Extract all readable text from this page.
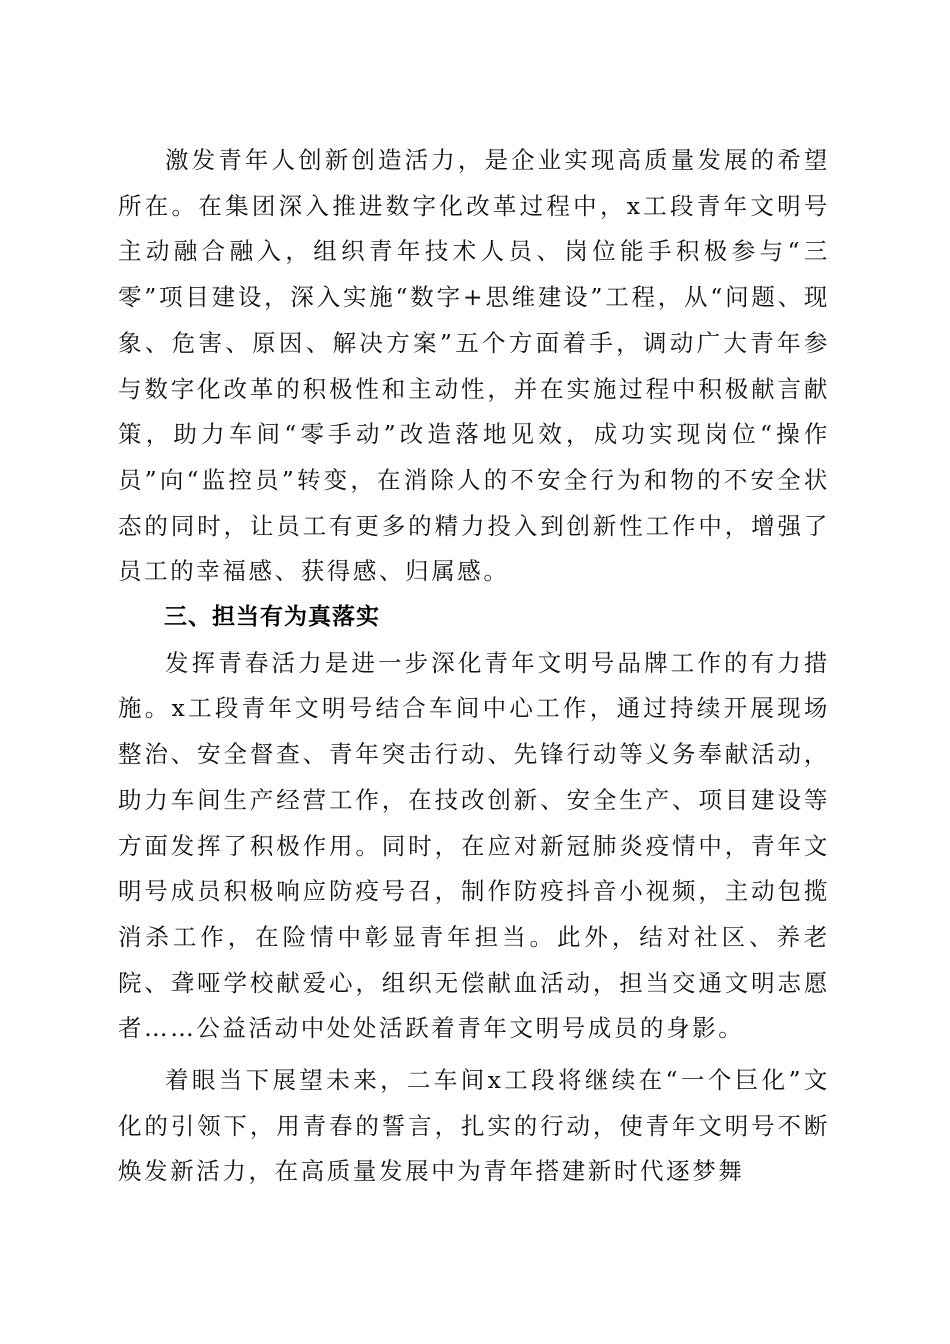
激发青年人创新创造活力，是企业实现高质量发展的希望所在。在集团深入推进数字化改革过程中，x工段青年文明号主动融合融入，组织青年技术人员、岗位能手积极参与“三零”项目建设，深入实施“数字+思维建设”工程，从“问题、现象、危害、原因、解决方案”五个方面着手，调动广大青年参与数字化改革的积极性和主动性，并在实施过程中积极献言献策，助力车间“零手动”改造落地见效，成功实现岗位“操作员”向“监控员”转变，在消除人的不安全行为和物的不安全状态的同时，让员工有更多的精力投入到创新性工作中，增强了员工的幸福感、获得感、归属感。

三、担当有为真落实

发挥青春活力是进一步深化青年文明号品牌工作的有力措施。x工段青年文明号结合车间中心工作，通过持续开展现场整治、安全督查、青年突击行动、先锋行动等义务奉献活动，助力车间生产经营工作，在技改创新、安全生产、项目建设等方面发挥了积极作用。同时，在应对新冠肺炎疫情中，青年文明号成员积极响应防疫号召，制作防疫抖音小视频，主动包揽消杀工作，在险情中彰显青年担当。此外，结对社区、养老院、聋哑学校献爱心，组织无偿献血活动，担当交通文明志愿者……公益活动中处处活跃着青年文明号成员的身影。

着眼当下展望未来，二车间x工段将继续在“一个巨化”文化的引领下，用青春的誓言，扎实的行动，使青年文明号不断焕发新活力，在高质量发展中为青年搭建新时代逐梦舞
